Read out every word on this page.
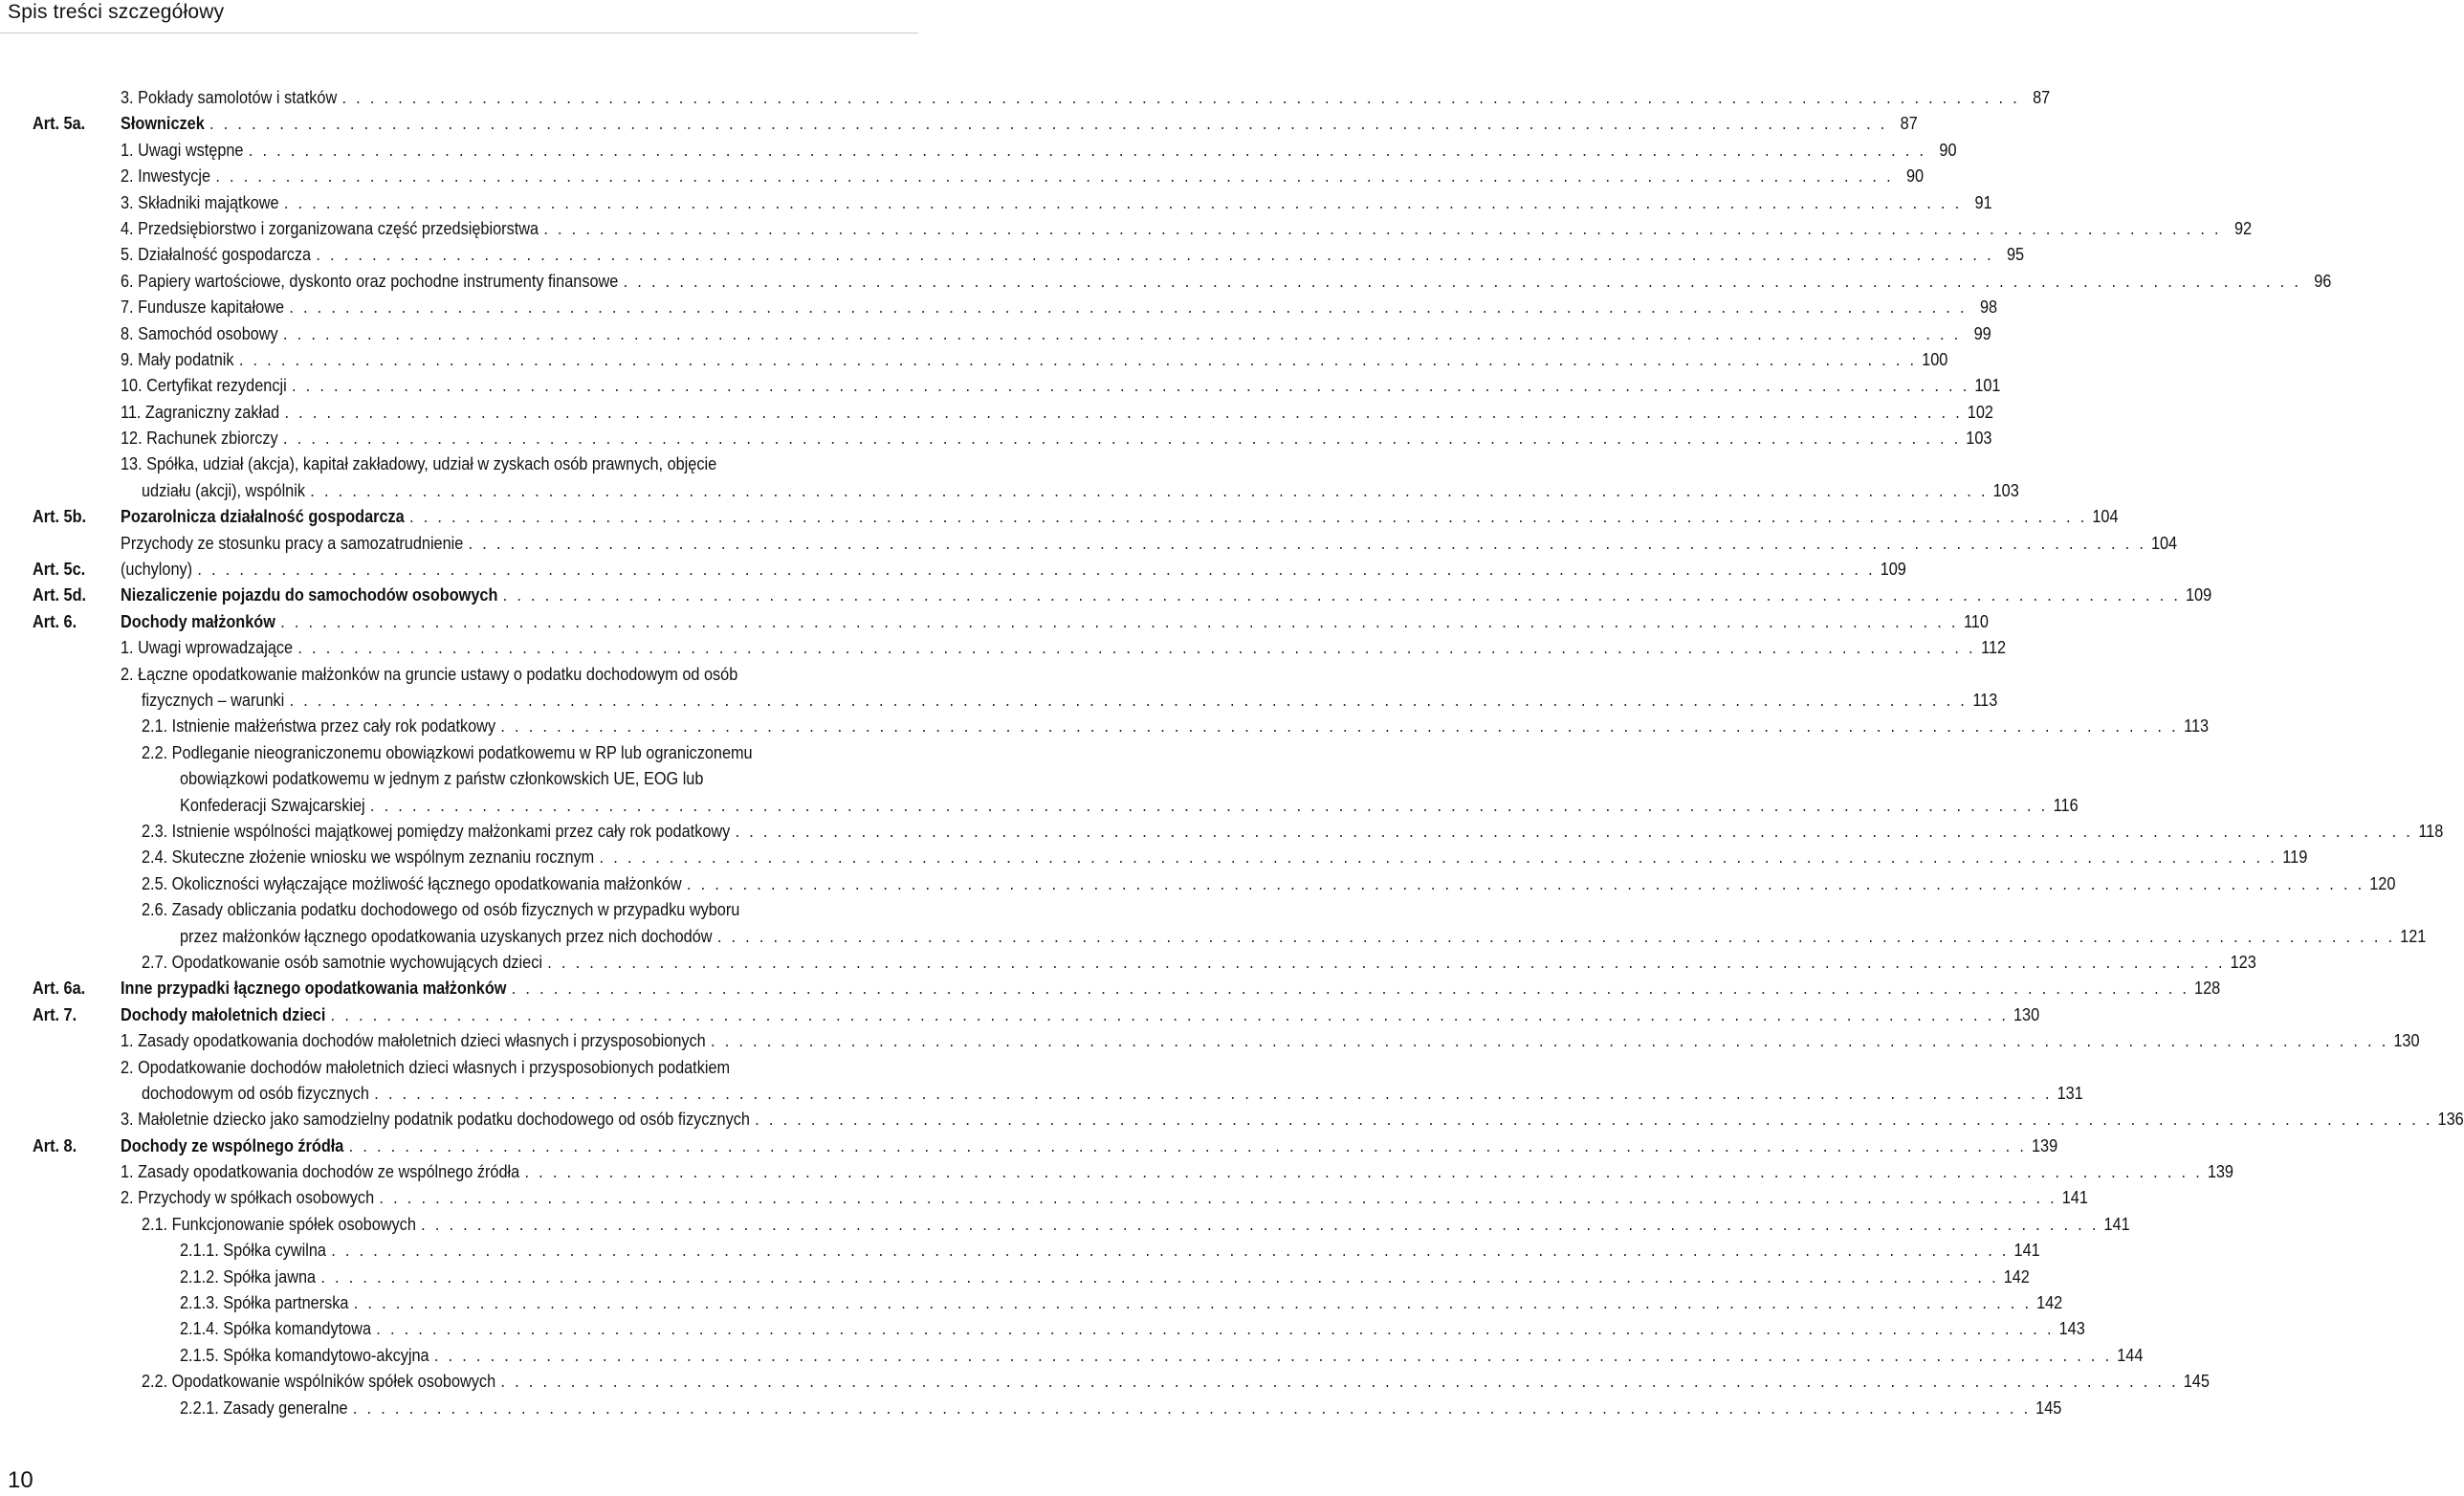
Spis treści szczegółowy
3. Pokłady samolotów i statków . . . . . . . . . . . . . . . . . . . . . . . . . . . . . . . . . . . . . . . . . . . . . . . . . . . . . . . . . . . . . . . . . . . . . . . . . . . . . . . . . . . . . . . . . . . . . . . . . . . . . . . . . . . . . . . . . . . . . . . . 87
Art. 5a. Słowniczek . . . . . . . . . . . . . . . . . . . . . . . . . . . . . . . . . . . . . . . . . . . . . . . . . . . . . . . . . . . . . . . . . . . . . . . . . . . . . . . . . . . . . . . . . . . . . . . . . . . . . . . . . . . . . . . . . . . . . . . . 87
1. Uwagi wstępne . . . . . . . . . . . . . . . . . . . . . . . . . . . . . . . . . . . . . . . . . . . . . . . . . . . . . . . . . . . . . . . . . . . . . . . . . . . . . . . . . . . . . . . . . . . . . . . . . . . . . . . . . . . . . . . . . . . . . . . . 90
2. Inwestycje . . . . . . . . . . . . . . . . . . . . . . . . . . . . . . . . . . . . . . . . . . . . . . . . . . . . . . . . . . . . . . . . . . . . . . . . . . . . . . . . . . . . . . . . . . . . . . . . . . . . . . . . . . . . . . . . . . . . . . . . 90
3. Składniki majątkowe . . . . . . . . . . . . . . . . . . . . . . . . . . . . . . . . . . . . . . . . . . . . . . . . . . . . . . . . . . . . . . . . . . . . . . . . . . . . . . . . . . . . . . . . . . . . . . . . . . . . . . . . . . . . . . . . . . . . . . . . 91
4. Przedsiębiorstwo i zorganizowana część przedsiębiorstwa . . . . . . . . . . . . . . . . . . . . . . . . . . . . . . . . . . . . . . . . . . . . . . . . . . . . . . . . . . . . . . . . . . . . . . . . . . . . . . . . . . . . . . . . . . . . . . . . . . . . . . . . . . . . . . . . . . . . . . . . 92
5. Działalność gospodarcza . . . . . . . . . . . . . . . . . . . . . . . . . . . . . . . . . . . . . . . . . . . . . . . . . . . . . . . . . . . . . . . . . . . . . . . . . . . . . . . . . . . . . . . . . . . . . . . . . . . . . . . . . . . . . . . . . . . . . . . . 95
6. Papiery wartościowe, dyskonto oraz pochodne instrumenty finansowe . . . . . . . . . . . . . . . . . . . . . . . . . . . . . . . . . . . . . . . . . . . . . . . . . . . . . . . . . . . . . . . . . . . . . . . . . . . . . . . . . . . . . . . . . . . . . . . . . . . . . . . . . . . . . . . . . . . . . . . . 96
7. Fundusze kapitałowe . . . . . . . . . . . . . . . . . . . . . . . . . . . . . . . . . . . . . . . . . . . . . . . . . . . . . . . . . . . . . . . . . . . . . . . . . . . . . . . . . . . . . . . . . . . . . . . . . . . . . . . . . . . . . . . . . . . . . . . . 98
8. Samochód osobowy . . . . . . . . . . . . . . . . . . . . . . . . . . . . . . . . . . . . . . . . . . . . . . . . . . . . . . . . . . . . . . . . . . . . . . . . . . . . . . . . . . . . . . . . . . . . . . . . . . . . . . . . . . . . . . . . . . . . . . . . 99
9. Mały podatnik . . . . . . . . . . . . . . . . . . . . . . . . . . . . . . . . . . . . . . . . . . . . . . . . . . . . . . . . . . . . . . . . . . . . . . . . . . . . . . . . . . . . . . . . . . . . . . . . . . . . . . . . . . . . . . . . . . . . . . . . 100
10. Certyfikat rezydencji . . . . . . . . . . . . . . . . . . . . . . . . . . . . . . . . . . . . . . . . . . . . . . . . . . . . . . . . . . . . . . . . . . . . . . . . . . . . . . . . . . . . . . . . . . . . . . . . . . . . . . . . . . . . . . . . . . . . . . . . 101
11. Zagraniczny zakład . . . . . . . . . . . . . . . . . . . . . . . . . . . . . . . . . . . . . . . . . . . . . . . . . . . . . . . . . . . . . . . . . . . . . . . . . . . . . . . . . . . . . . . . . . . . . . . . . . . . . . . . . . . . . . . . . . . . . . . . 102
12. Rachunek zbiorczy . . . . . . . . . . . . . . . . . . . . . . . . . . . . . . . . . . . . . . . . . . . . . . . . . . . . . . . . . . . . . . . . . . . . . . . . . . . . . . . . . . . . . . . . . . . . . . . . . . . . . . . . . . . . . . . . . . . . . . . . 103
13. Spółka, udział (akcja), kapitał zakładowy, udział w zyskach osób prawnych, objęcie
udziału (akcji), wspólnik . . . . . . . . . . . . . . . . . . . . . . . . . . . . . . . . . . . . . . . . . . . . . . . . . . . . . . . . . . . . . . . . . . . . . . . . . . . . . . . . . . . . . . . . . . . . . . . . . . . . . . . . . . . . . . . . . . . . . . . . 103
Art. 5b. Pozarolnicza działalność gospodarcza . . . . . . . . . . . . . . . . . . . . . . . . . . . . . . . . . . . . . . . . . . . . . . . . . . . . . . . . . . . . . . . . . . . . . . . . . . . . . . . . . . . . . . . . . . . . . . . . . . . . . . . . . . . . . . . . . . . . . . . . 104
Przychody ze stosunku pracy a samozatrudnienie . . . . . . . . . . . . . . . . . . . . . . . . . . . . . . . . . . . . . . . . . . . . . . . . . . . . . . . . . . . . . . . . . . . . . . . . . . . . . . . . . . . . . . . . . . . . . . . . . . . . . . . . . . . . . . . . . . . . . . . . 104
Art. 5c. (uchylony) . . . . . . . . . . . . . . . . . . . . . . . . . . . . . . . . . . . . . . . . . . . . . . . . . . . . . . . . . . . . . . . . . . . . . . . . . . . . . . . . . . . . . . . . . . . . . . . . . . . . . . . . . . . . . . . . . . . . . . . . 109
Art. 5d. Niezaliczenie pojazdu do samochodów osobowych . . . . . . . . . . . . . . . . . . . . . . . . . . . . . . . . . . . . . . . . . . . . . . . . . . . . . . . . . . . . . . . . . . . . . . . . . . . . . . . . . . . . . . . . . . . . . . . . . . . . . . . . . . . . . . . . . . . . . . . . 109
Art. 6. Dochody małżonków . . . . . . . . . . . . . . . . . . . . . . . . . . . . . . . . . . . . . . . . . . . . . . . . . . . . . . . . . . . . . . . . . . . . . . . . . . . . . . . . . . . . . . . . . . . . . . . . . . . . . . . . . . . . . . . . . . . . . . . . 110
1. Uwagi wprowadzające . . . . . . . . . . . . . . . . . . . . . . . . . . . . . . . . . . . . . . . . . . . . . . . . . . . . . . . . . . . . . . . . . . . . . . . . . . . . . . . . . . . . . . . . . . . . . . . . . . . . . . . . . . . . . . . . . . . . . . . . 112
2. Łączne opodatkowanie małżonków na gruncie ustawy o podatku dochodowym od osób
fizycznych – warunki . . . . . . . . . . . . . . . . . . . . . . . . . . . . . . . . . . . . . . . . . . . . . . . . . . . . . . . . . . . . . . . . . . . . . . . . . . . . . . . . . . . . . . . . . . . . . . . . . . . . . . . . . . . . . . . . . . . . . . . . 113
2.1. Istnienie małżeństwa przez cały rok podatkowy . . . . . . . . . . . . . . . . . . . . . . . . . . . . . . . . . . . . . . . . . . . . . . . . . . . . . . . . . . . . . . . . . . . . . . . . . . . . . . . . . . . . . . . . . . . . . . . . . . . . . . . . . . . . . . . . . . . . . . . . 113
2.2. Podleganie nieograniczonemu obowiązkowi podatkowemu w RP lub ograniczonemu
obowiązkowi podatkowemu w jednym z państw członkowskich UE, EOG lub
Konfederacji Szwajcarskiej . . . . . . . . . . . . . . . . . . . . . . . . . . . . . . . . . . . . . . . . . . . . . . . . . . . . . . . . . . . . . . . . . . . . . . . . . . . . . . . . . . . . . . . . . . . . . . . . . . . . . . . . . . . . . . . . . . . . . . . . 116
2.3. Istnienie wspólności majątkowej pomiędzy małżonkami przez cały rok podatkowy . . . . . . . . . . . . . . . . . . . . . . . . . . . . . . . . . . . . . . . . . . . . . . . . . . . . . . . . . . . . . . . . . . . . . . . . . . . . . . . . . . . . . . . . . . . . . . . . . . . . . . . . . . . . . . . . . . . . . . . . 118
2.4. Skuteczne złożenie wniosku we wspólnym zeznaniu rocznym . . . . . . . . . . . . . . . . . . . . . . . . . . . . . . . . . . . . . . . . . . . . . . . . . . . . . . . . . . . . . . . . . . . . . . . . . . . . . . . . . . . . . . . . . . . . . . . . . . . . . . . . . . . . . . . . . . . . . . . . 119
2.5. Okoliczności wyłączające możliwość łącznego opodatkowania małżonków . . . . . . . . . . . . . . . . . . . . . . . . . . . . . . . . . . . . . . . . . . . . . . . . . . . . . . . . . . . . . . . . . . . . . . . . . . . . . . . . . . . . . . . . . . . . . . . . . . . . . . . . . . . . . . . . . . . . . . . . 120
2.6. Zasady obliczania podatku dochodowego od osób fizycznych w przypadku wyboru
przez małżonków łącznego opodatkowania uzyskanych przez nich dochodów . . . . . . . . . . . . . . . . . . . . . . . . . . . . . . . . . . . . . . . . . . . . . . . . . . . . . . . . . . . . . . . . . . . . . . . . . . . . . . . . . . . . . . . . . . . . . . . . . . . . . . . . . . . . . . . . . . . . . . . . 121
2.7. Opodatkowanie osób samotnie wychowujących dzieci . . . . . . . . . . . . . . . . . . . . . . . . . . . . . . . . . . . . . . . . . . . . . . . . . . . . . . . . . . . . . . . . . . . . . . . . . . . . . . . . . . . . . . . . . . . . . . . . . . . . . . . . . . . . . . . . . . . . . . . . 123
Art. 6a. Inne przypadki łącznego opodatkowania małżonków . . . . . . . . . . . . . . . . . . . . . . . . . . . . . . . . . . . . . . . . . . . . . . . . . . . . . . . . . . . . . . . . . . . . . . . . . . . . . . . . . . . . . . . . . . . . . . . . . . . . . . . . . . . . . . . . . . . . . . . . 128
Art. 7. Dochody małoletnich dzieci . . . . . . . . . . . . . . . . . . . . . . . . . . . . . . . . . . . . . . . . . . . . . . . . . . . . . . . . . . . . . . . . . . . . . . . . . . . . . . . . . . . . . . . . . . . . . . . . . . . . . . . . . . . . . . . . . . . . . . . . 130
1. Zasady opodatkowania dochodów małoletnich dzieci własnych i przysposobionych . . . . . . . . . . . . . . . . . . . . . . . . . . . . . . . . . . . . . . . . . . . . . . . . . . . . . . . . . . . . . . . . . . . . . . . . . . . . . . . . . . . . . . . . . . . . . . . . . . . . . . . . . . . . . . . . . . . . . . . . 130
2. Opodatkowanie dochodów małoletnich dzieci własnych i przysposobionych podatkiem
dochodowym od osób fizycznych . . . . . . . . . . . . . . . . . . . . . . . . . . . . . . . . . . . . . . . . . . . . . . . . . . . . . . . . . . . . . . . . . . . . . . . . . . . . . . . . . . . . . . . . . . . . . . . . . . . . . . . . . . . . . . . . . . . . . . . . 131
3. Małoletnie dziecko jako samodzielny podatnik podatku dochodowego od osób fizycznych . . . . . . . . . . . . . . . . . . . . . . . . . . . . . . . . . . . . . . . . . . . . . . . . . . . . . . . . . . . . . . . . . . . . . . . . . . . . . . . . . . . . . . . . . . . . . . . . . . . . . . . . . . . . . . . . . . . . . . . . 136
Art. 8. Dochody ze wspólnego źródła . . . . . . . . . . . . . . . . . . . . . . . . . . . . . . . . . . . . . . . . . . . . . . . . . . . . . . . . . . . . . . . . . . . . . . . . . . . . . . . . . . . . . . . . . . . . . . . . . . . . . . . . . . . . . . . . . . . . . . . . 139
1. Zasady opodatkowania dochodów ze wspólnego źródła . . . . . . . . . . . . . . . . . . . . . . . . . . . . . . . . . . . . . . . . . . . . . . . . . . . . . . . . . . . . . . . . . . . . . . . . . . . . . . . . . . . . . . . . . . . . . . . . . . . . . . . . . . . . . . . . . . . . . . . . 139
2. Przychody w spółkach osobowych . . . . . . . . . . . . . . . . . . . . . . . . . . . . . . . . . . . . . . . . . . . . . . . . . . . . . . . . . . . . . . . . . . . . . . . . . . . . . . . . . . . . . . . . . . . . . . . . . . . . . . . . . . . . . . . . . . . . . . . . 141
2.1. Funkcjonowanie spółek osobowych . . . . . . . . . . . . . . . . . . . . . . . . . . . . . . . . . . . . . . . . . . . . . . . . . . . . . . . . . . . . . . . . . . . . . . . . . . . . . . . . . . . . . . . . . . . . . . . . . . . . . . . . . . . . . . . . . . . . . . . . 141
2.1.1. Spółka cywilna . . . . . . . . . . . . . . . . . . . . . . . . . . . . . . . . . . . . . . . . . . . . . . . . . . . . . . . . . . . . . . . . . . . . . . . . . . . . . . . . . . . . . . . . . . . . . . . . . . . . . . . . . . . . . . . . . . . . . . . . 141
2.1.2. Spółka jawna . . . . . . . . . . . . . . . . . . . . . . . . . . . . . . . . . . . . . . . . . . . . . . . . . . . . . . . . . . . . . . . . . . . . . . . . . . . . . . . . . . . . . . . . . . . . . . . . . . . . . . . . . . . . . . . . . . . . . . . . 142
2.1.3. Spółka partnerska . . . . . . . . . . . . . . . . . . . . . . . . . . . . . . . . . . . . . . . . . . . . . . . . . . . . . . . . . . . . . . . . . . . . . . . . . . . . . . . . . . . . . . . . . . . . . . . . . . . . . . . . . . . . . . . . . . . . . . . . 142
2.1.4. Spółka komandytowa . . . . . . . . . . . . . . . . . . . . . . . . . . . . . . . . . . . . . . . . . . . . . . . . . . . . . . . . . . . . . . . . . . . . . . . . . . . . . . . . . . . . . . . . . . . . . . . . . . . . . . . . . . . . . . . . . . . . . . . . 143
2.1.5. Spółka komandytowo-akcyjna . . . . . . . . . . . . . . . . . . . . . . . . . . . . . . . . . . . . . . . . . . . . . . . . . . . . . . . . . . . . . . . . . . . . . . . . . . . . . . . . . . . . . . . . . . . . . . . . . . . . . . . . . . . . . . . . . . . . . . . . 144
2.2. Opodatkowanie wspólników spółek osobowych . . . . . . . . . . . . . . . . . . . . . . . . . . . . . . . . . . . . . . . . . . . . . . . . . . . . . . . . . . . . . . . . . . . . . . . . . . . . . . . . . . . . . . . . . . . . . . . . . . . . . . . . . . . . . . . . . . . . . . . . 145
2.2.1. Zasady generalne . . . . . . . . . . . . . . . . . . . . . . . . . . . . . . . . . . . . . . . . . . . . . . . . . . . . . . . . . . . . . . . . . . . . . . . . . . . . . . . . . . . . . . . . . . . . . . . . . . . . . . . . . . . . . . . . . . . . . . . . 145
10
